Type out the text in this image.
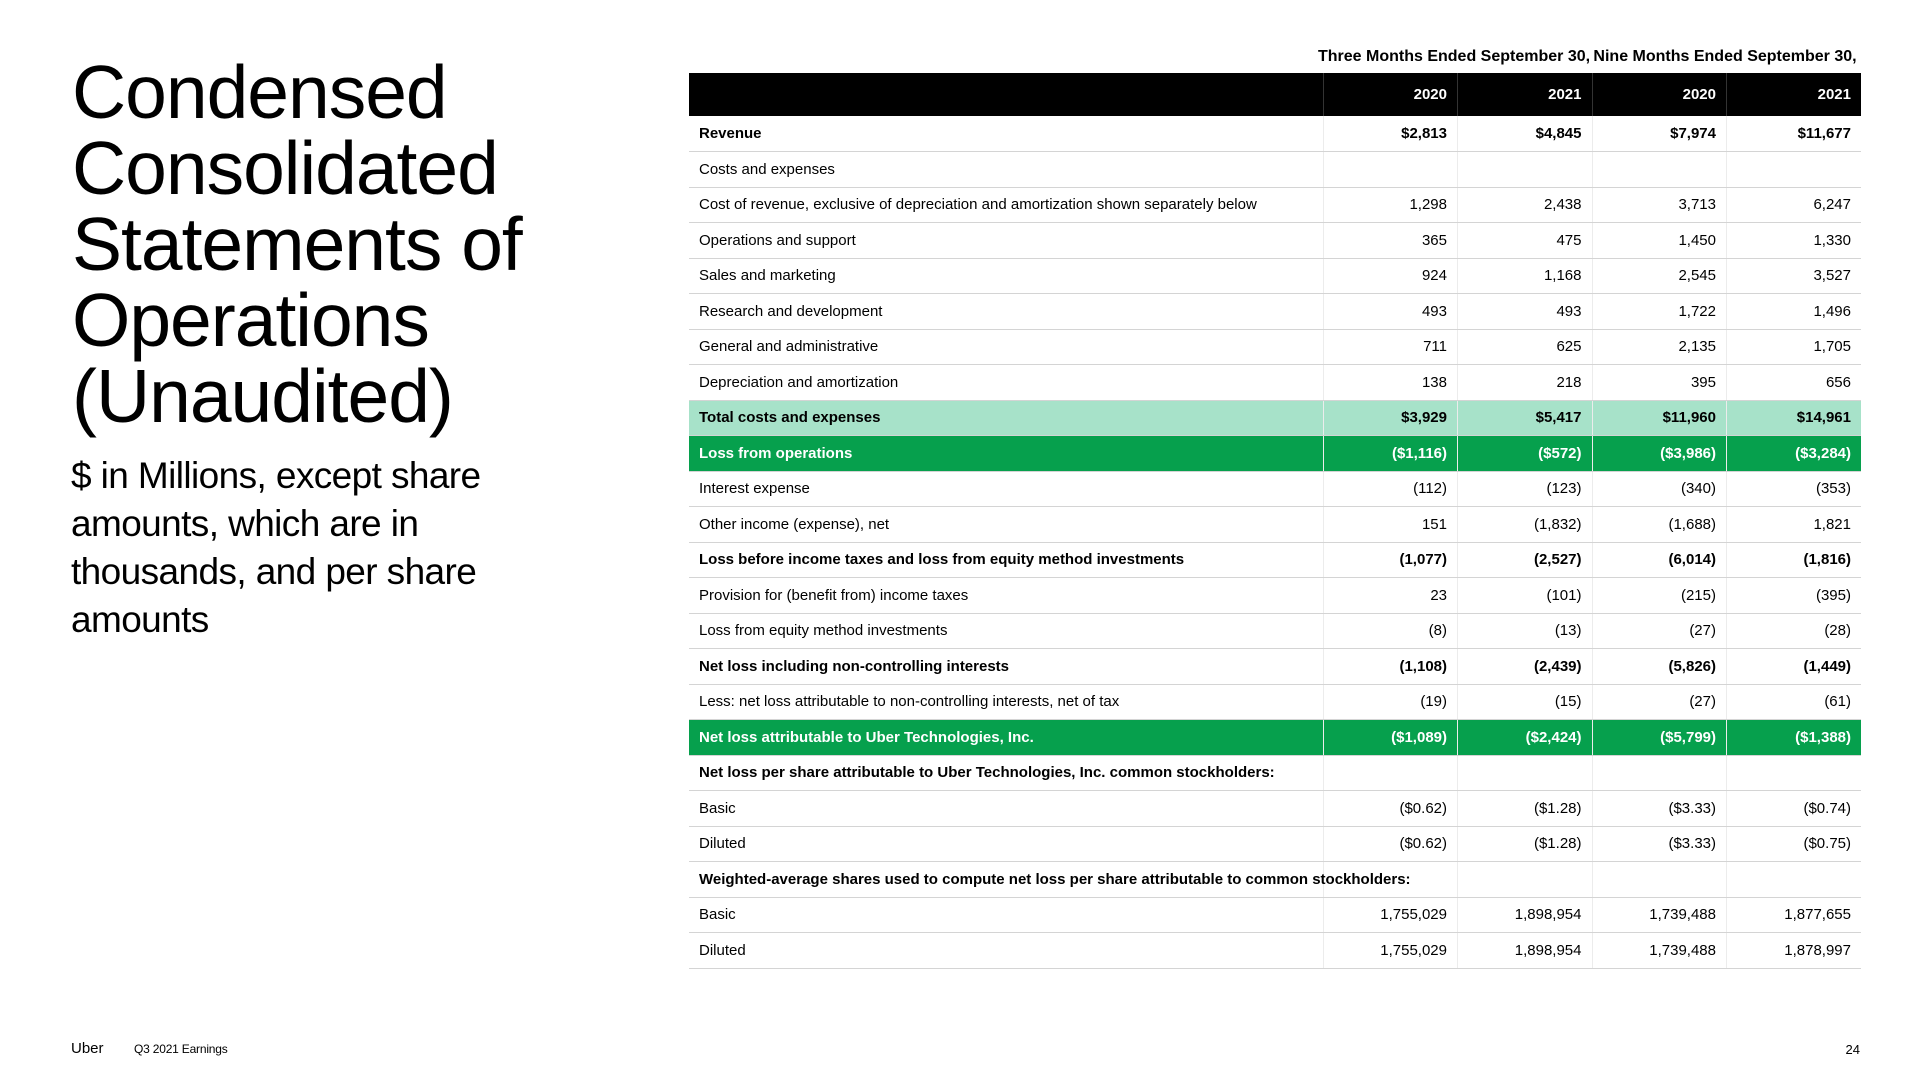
Condensed Consolidated Statements of Operations (Unaudited)

$ in Millions, except share amounts, which are in thousands, and per share amounts

Three Months Ended September 30, Nine Months Ended September 30,
	2020	2021	2020	2021
Revenue	$2,813	$4,845	$7,974	$11,677
Costs and expenses				
Cost of revenue, exclusive of depreciation and amortization shown separately below	1,298	2,438	3,713	6,247
Operations and support	365	475	1,450	1,330
Sales and marketing	924	1,168	2,545	3,527
Research and development	493	493	1,722	1,496
General and administrative	711	625	2,135	1,705
Depreciation and amortization	138	218	395	656
Total costs and expenses	$3,929	$5,417	$11,960	$14,961
Loss from operations	($1,116)	($572)	($3,986)	($3,284)
Interest expense	(112)	(123)	(340)	(353)
Other income (expense), net	151	(1,832)	(1,688)	1,821
Loss before income taxes and loss from equity method investments	(1,077)	(2,527)	(6,014)	(1,816)
Provision for (benefit from) income taxes	23	(101)	(215)	(395)
Loss from equity method investments	(8)	(13)	(27)	(28)
Net loss including non-controlling interests	(1,108)	(2,439)	(5,826)	(1,449)
Less: net loss attributable to non-controlling interests, net of tax	(19)	(15)	(27)	(61)
Net loss attributable to Uber Technologies, Inc.	($1,089)	($2,424)	($5,799)	($1,388)
Net loss per share attributable to Uber Technologies, Inc. common stockholders:				
Basic	($0.62)	($1.28)	($3.33)	($0.74)
Diluted	($0.62)	($1.28)	($3.33)	($0.75)
Weighted-average shares used to compute net loss per share attributable to common stockholders:				
Basic	1,755,029	1,898,954	1,739,488	1,877,655
Diluted	1,755,029	1,898,954	1,739,488	1,878,997
Uber	Q3 2021 Earnings	24
